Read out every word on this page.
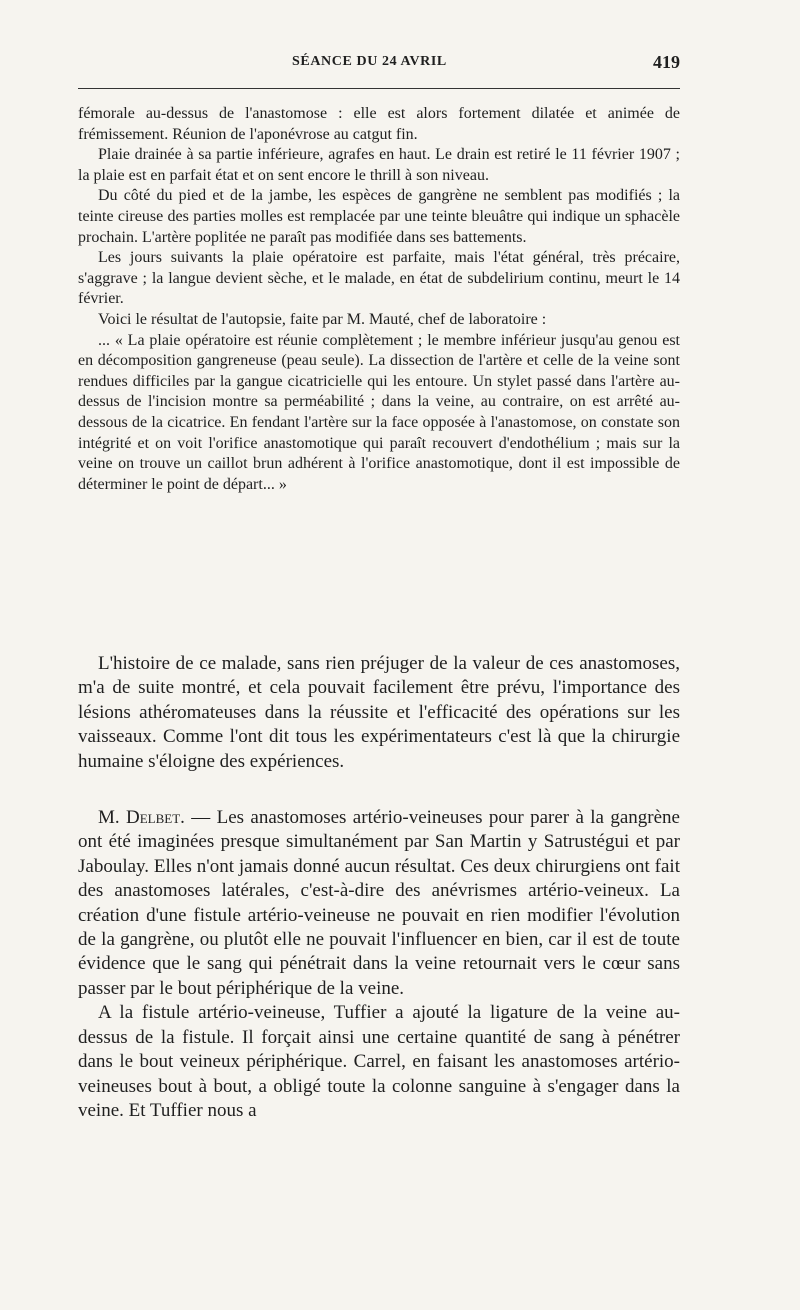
SÉANCE DU 24 AVRIL	419

fémorale au-dessus de l'anastomose : elle est alors fortement dilatée et animée de frémissement. Réunion de l'aponévrose au catgut fin.

Plaie drainée à sa partie inférieure, agrafes en haut. Le drain est retiré le 11 février 1907 ; la plaie est en parfait état et on sent encore le thrill à son niveau.

Du côté du pied et de la jambe, les espèces de gangrène ne semblent pas modifiés ; la teinte cireuse des parties molles est remplacée par une teinte bleuâtre qui indique un sphacèle prochain. L'artère poplitée ne paraît pas modifiée dans ses battements.

Les jours suivants la plaie opératoire est parfaite, mais l'état général, très précaire, s'aggrave ; la langue devient sèche, et le malade, en état de subdelirium continu, meurt le 14 février.

Voici le résultat de l'autopsie, faite par M. Mauté, chef de laboratoire :

... « La plaie opératoire est réunie complètement ; le membre inférieur jusqu'au genou est en décomposition gangreneuse (peau seule). La dissection de l'artère et celle de la veine sont rendues difficiles par la gangue cicatricielle qui les entoure. Un stylet passé dans l'artère au-dessus de l'incision montre sa perméabilité ; dans la veine, au contraire, on est arrêté au-dessous de la cicatrice. En fendant l'artère sur la face opposée à l'anastomose, on constate son intégrité et on voit l'orifice anastomotique qui paraît recouvert d'endothélium ; mais sur la veine on trouve un caillot brun adhérent à l'orifice anastomotique, dont il est impossible de déterminer le point de départ... »

L'histoire de ce malade, sans rien préjuger de la valeur de ces anastomoses, m'a de suite montré, et cela pouvait facilement être prévu, l'importance des lésions athéromateuses dans la réussite et l'efficacité des opérations sur les vaisseaux. Comme l'ont dit tous les expérimentateurs c'est là que la chirurgie humaine s'éloigne des expériences.

M. Delbet. — Les anastomoses artério-veineuses pour parer à la gangrène ont été imaginées presque simultanément par San Martin y Satrustégui et par Jaboulay. Elles n'ont jamais donné aucun résultat. Ces deux chirurgiens ont fait des anastomoses latérales, c'est-à-dire des anévrismes artério-veineux. La création d'une fistule artério-veineuse ne pouvait en rien modifier l'évolution de la gangrène, ou plutôt elle ne pouvait l'influencer en bien, car il est de toute évidence que le sang qui pénétrait dans la veine retournait vers le cœur sans passer par le bout périphérique de la veine.

A la fistule artério-veineuse, Tuffier a ajouté la ligature de la veine au-dessus de la fistule. Il forçait ainsi une certaine quantité de sang à pénétrer dans le bout veineux périphérique. Carrel, en faisant les anastomoses artério-veineuses bout à bout, a obligé toute la colonne sanguine à s'engager dans la veine. Et Tuffier nous a
